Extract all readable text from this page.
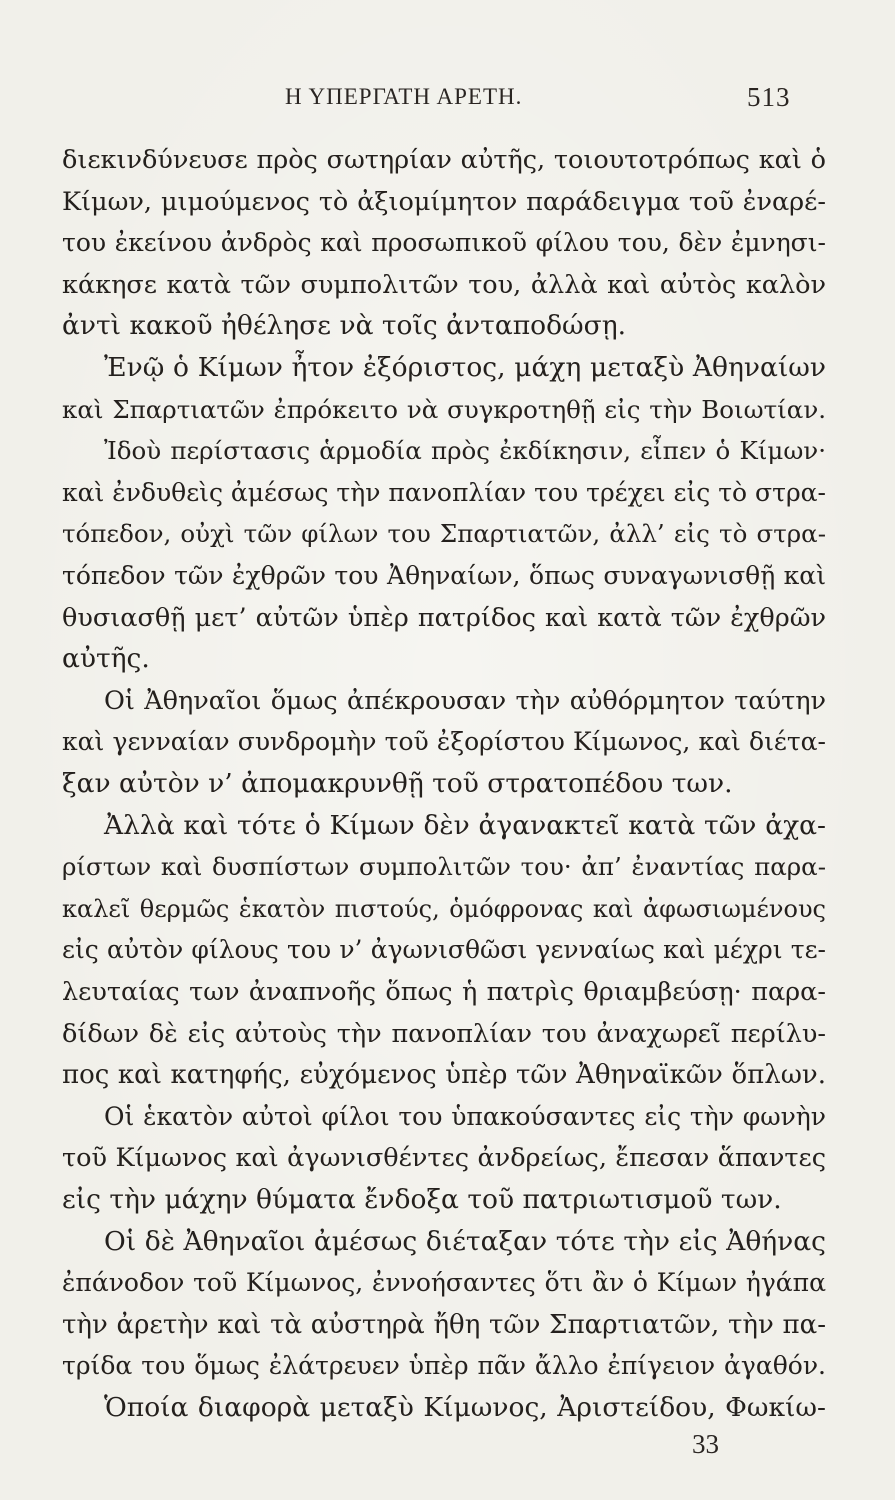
Η ΥΠΕΡΓΑΤΗ ΑΡΕΤΗ.	513
διεκινδύνευσε πρὸς σωτηρίαν αὐτῆς, τοιουτοτρόπως καὶ ὁ
Κίμων, μιμούμενος τὸ ἀξιομίμητον παράδειγμα τοῦ ἐναρέ-
του ἐκείνου ἀνδρὸς καὶ προσωπικοῦ φίλου του, δὲν ἐμνησι-
κάκησε κατὰ τῶν συμπολιτῶν του, ἀλλὰ καὶ αὐτὸς καλὸν
ἀντὶ κακοῦ ἠθέλησε νὰ τοῖς ἀνταποδώσῃ.
Ἐνῷ ὁ Κίμων ἦτον ἐξόριστος, μάχη μεταξὺ Ἀθηναίων
καὶ Σπαρτιατῶν ἐπρόκειτο νὰ συγκροτηθῇ εἰς τὴν Βοιωτίαν.
Ἰδοὺ περίστασις ἁρμοδία πρὸς ἐκδίκησιν, εἶπεν ὁ Κίμων·
καὶ ἐνδυθεὶς ἀμέσως τὴν πανοπλίαν του τρέχει εἰς τὸ στρα-
τόπεδον, οὐχὶ τῶν φίλων του Σπαρτιατῶν, ἀλλ’ εἰς τὸ στρα-
τόπεδον τῶν ἐχθρῶν του Ἀθηναίων, ὅπως συναγωνισθῇ καὶ
θυσιασθῇ μετ’ αὐτῶν ὑπὲρ πατρίδος καὶ κατὰ τῶν ἐχθρῶν
αὐτῆς.
Οἱ Ἀθηναῖοι ὅμως ἀπέκρουσαν τὴν αὐθόρμητον ταύτην
καὶ γενναίαν συνδρομὴν τοῦ ἐξορίστου Κίμωνος, καὶ διέτα-
ξαν αὐτὸν ν’ ἀπομακρυνθῇ τοῦ στρατοπέδου των.
Ἀλλὰ καὶ τότε ὁ Κίμων δὲν ἀγανακτεῖ κατὰ τῶν ἀχα-
ρίστων καὶ δυσπίστων συμπολιτῶν του· ἀπ’ ἐναντίας παρα-
καλεῖ θερμῶς ἑκατὸν πιστούς, ὁμόφρονας καὶ ἀφωσιωμένους
εἰς αὐτὸν φίλους του ν’ ἀγωνισθῶσι γενναίως καὶ μέχρι τε-
λευταίας των ἀναπνοῆς ὅπως ἡ πατρὶς θριαμβεύσῃ· παρα-
δίδων δὲ εἰς αὐτοὺς τὴν πανοπλίαν του ἀναχωρεῖ περίλυ-
πος καὶ κατηφής, εὐχόμενος ὑπὲρ τῶν Ἀθηναϊκῶν ὅπλων.
Οἱ ἑκατὸν αὐτοὶ φίλοι του ὑπακούσαντες εἰς τὴν φωνὴν
τοῦ Κίμωνος καὶ ἀγωνισθέντες ἀνδρείως, ἔπεσαν ἅπαντες
εἰς τὴν μάχην θύματα ἔνδοξα τοῦ πατριωτισμοῦ των.
Οἱ δὲ Ἀθηναῖοι ἀμέσως διέταξαν τότε τὴν εἰς Ἀθήνας
ἐπάνοδον τοῦ Κίμωνος, ἐννοήσαντες ὅτι ἂν ὁ Κίμων ἠγάπα
τὴν ἀρετὴν καὶ τὰ αὐστηρὰ ἤθη τῶν Σπαρτιατῶν, τὴν πα-
τρίδα του ὅμως ἐλάτρευεν ὑπὲρ πᾶν ἄλλο ἐπίγειον ἀγαθόν.
Ὁποία διαφορὰ μεταξὺ Κίμωνος, Ἀριστείδου, Φωκίω-
33
